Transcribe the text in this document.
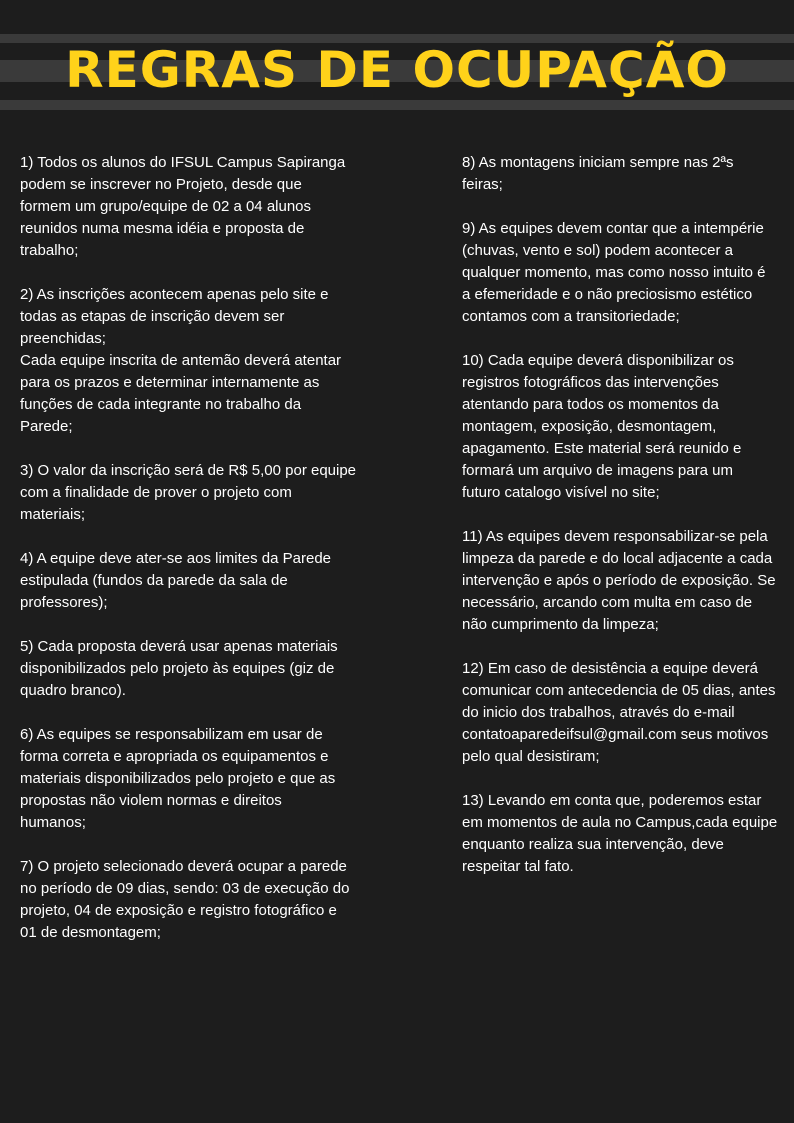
REGRAS DE OCUPAÇÃO

1) Todos os alunos do IFSUL Campus Sapiranga
podem se inscrever no Projeto, desde que
formem um grupo/equipe de 02 a 04 alunos
reunidos numa mesma idéia e proposta de
trabalho;

2) As inscrições acontecem apenas pelo site e
todas as etapas de inscrição devem ser
preenchidas;
Cada equipe inscrita de antemão deverá atentar
para os prazos e determinar internamente as
funções de cada integrante no trabalho da
Parede;

3) O valor da inscrição será de R$ 5,00 por equipe
com a finalidade de prover o projeto com
materiais;

4) A equipe deve ater-se aos limites da Parede
estipulada (fundos da parede da sala de
professores);

5) Cada proposta deverá usar apenas materiais
disponibilizados pelo projeto às equipes (giz de
quadro branco).

6) As equipes se responsabilizam em usar de
forma correta e apropriada os equipamentos e
materiais disponibilizados pelo projeto e que as
propostas não violem normas e direitos
humanos;

7) O projeto selecionado deverá ocupar a parede
no período de 09 dias, sendo: 03 de execução do
projeto, 04 de exposição e registro fotográfico e
01 de desmontagem;

8) As montagens iniciam sempre nas 2ªs
feiras;

9) As equipes devem contar que a intempérie
(chuvas, vento e sol) podem acontecer a
qualquer momento, mas como nosso intuito é
a efemeridade e o não preciosismo estético
contamos com a transitoriedade;

10) Cada equipe deverá disponibilizar os
registros fotográficos das intervenções
atentando para todos os momentos da
montagem, exposição, desmontagem,
apagamento. Este material será reunido e
formará um arquivo de imagens para um
futuro catalogo visível no site;

11) As equipes devem responsabilizar-se pela
limpeza da parede e do local adjacente a cada
intervenção e após o período de exposição. Se
necessário, arcando com multa em caso de
não cumprimento da limpeza;

12) Em caso de desistência a equipe deverá
comunicar com antecedencia de 05 dias, antes
do inicio dos trabalhos, através do e-mail
contatoaparedeifsul@gmail.com seus motivos
pelo qual desistiram;

13) Levando em conta que, poderemos estar
em momentos de aula no Campus,cada equipe
enquanto realiza sua intervenção, deve
respeitar tal fato.
